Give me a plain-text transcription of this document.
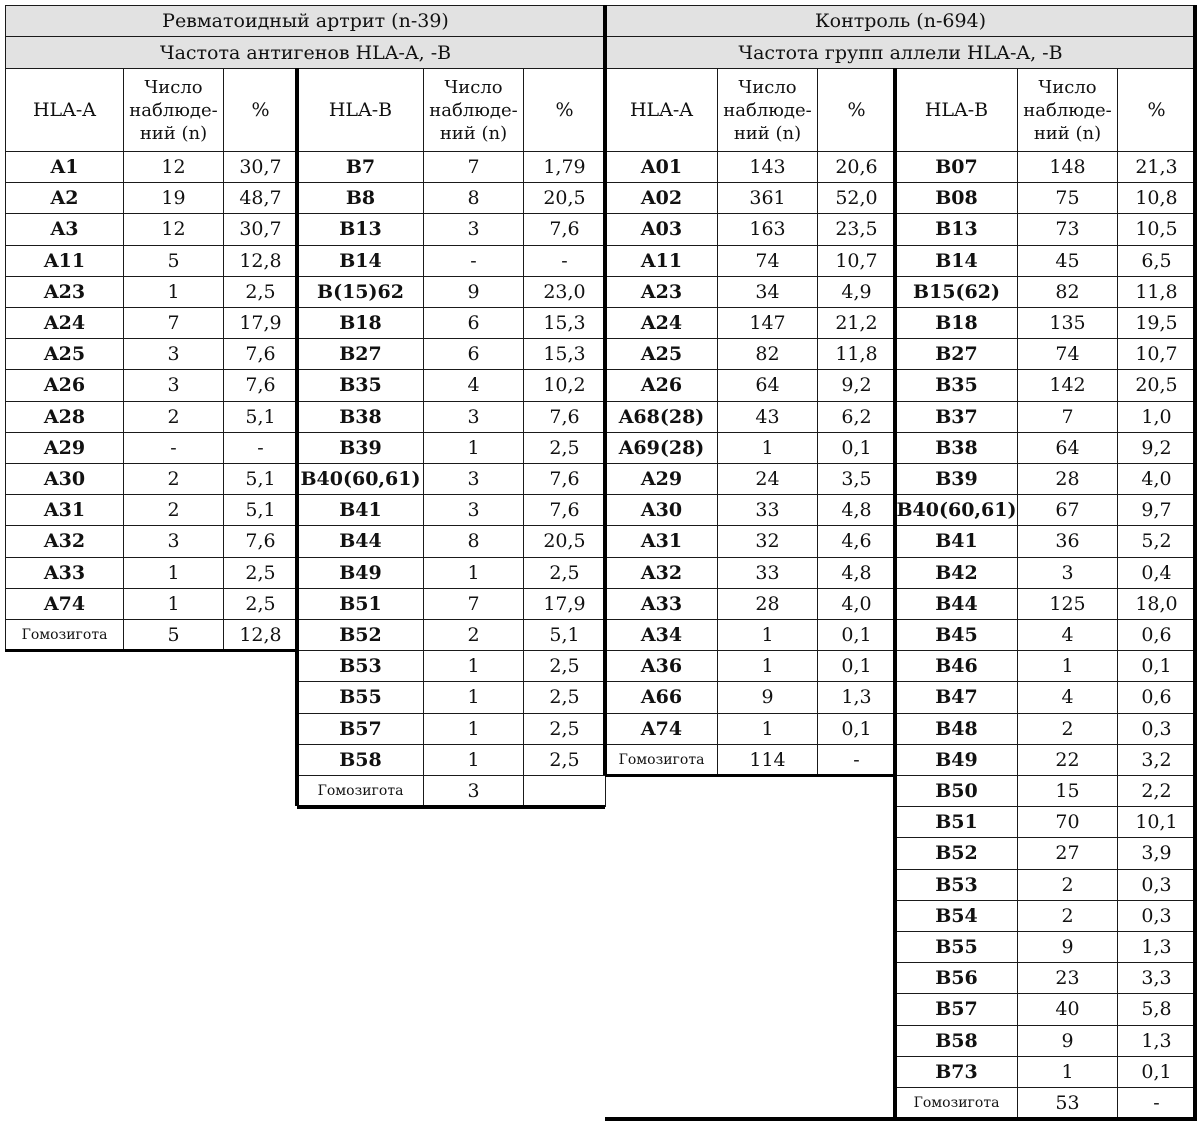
Ревматоидный артрит (n-39)
Частота антигенов HLA-A, -B
Контроль (n-694)
Частота групп аллели HLA-A, -B
HLA-A
Число
наблюде-
ний (n)
%	HLA-B
Число
наблюде-
ний (n)
%	HLA-A
Число
наблюде-
ний (n)
%	HLA-B
Число
наблюде-
ний (n)
%
A1	12	30,7
A2	19	48,7
A3	12	30,7
A11	5	12,8
A23	1	2,5
A24	7	17,9
A25	3	7,6
A26	3	7,6
A28	2	5,1
A29	-	-
A30	2	5,1
A31	2	5,1
A32	3	7,6
A33	1	2,5
A74	1	2,5
Гомозигота	5	12,8
B7	7	1,79
B8	8	20,5
B13	3	7,6
B14	-	-
B(15)62	9	23,0
B18	6	15,3
B27	6	15,3
B35	4	10,2
B38	3	7,6
B39	1	2,5
B40(60,61)	3	7,6
B41	3	7,6
B44	8	20,5
B49	1	2,5
B51	7	17,9
B52	2	5,1
B53	1	2,5
B55	1	2,5
B57	1	2,5
B58	1	2,5
Гомозигота	3
A01	143	20,6
A02	361	52,0
A03	163	23,5
A11	74	10,7
A23	34	4,9
A24	147	21,2
A25	82	11,8
A26	64	9,2
A68(28)	43	6,2
A69(28)	1	0,1
A29	24	3,5
A30	33	4,8
A31	32	4,6
A32	33	4,8
A33	28	4,0
A34	1	0,1
A36	1	0,1
A66	9	1,3
A74	1	0,1
Гомозигота	114	-
B07	148	21,3
B08	75	10,8
B13	73	10,5
B14	45	6,5
B15(62)	82	11,8
B18	135	19,5
B27	74	10,7
B35	142	20,5
B37	7	1,0
B38	64	9,2
B39	28	4,0
B40(60,61)	67	9,7
B41	36	5,2
B42	3	0,4
B44	125	18,0
B45	4	0,6
B46	1	0,1
B47	4	0,6
B48	2	0,3
B49	22	3,2
B50	15	2,2
B51	70	10,1
B52	27	3,9
B53	2	0,3
B54	2	0,3
B55	9	1,3
B56	23	3,3
B57	40	5,8
B58	9	1,3
B73	1	0,1
Гомозигота	53	-
